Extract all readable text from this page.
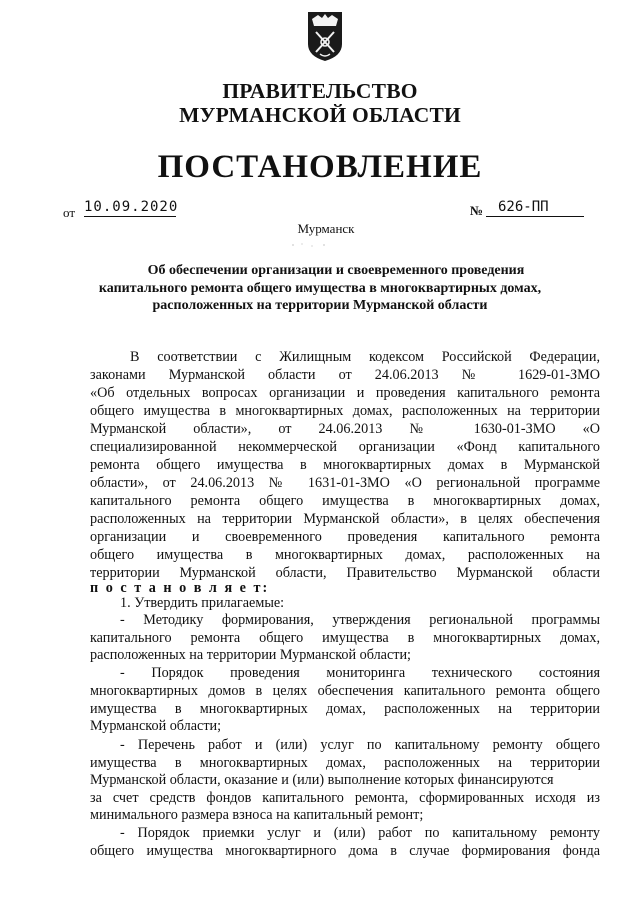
ПРАВИТЕЛЬСТВО
МУРМАНСКОЙ ОБЛАСТИ
ПОСТАНОВЛЕНИЕ
от 10.09.2020	№	626-ПП
Мурманск
Об обеспечении организации и своевременного проведения
капитального ремонта общего имущества в многоквартирных домах,
расположенных на территории Мурманской области
В соответствии с Жилищным кодексом Российской Федерации,
законами Мурманской области от 24.06.2013 № 1629-01-ЗМО
«Об отдельных вопросах организации и проведения капитального ремонта
общего имущества в многоквартирных домах, расположенных на территории
Мурманской области», от 24.06.2013 № 1630-01-ЗМО «О
специализированной некоммерческой организации «Фонд капитального
ремонта общего имущества в многоквартирных домах в Мурманской
области», от 24.06.2013 № 1631-01-ЗМО «О региональной программе
капитального ремонта общего имущества в многоквартирных домах,
расположенных на территории Мурманской области», в целях обеспечения
организации и своевременного проведения капитального ремонта
общего имущества в многоквартирных домах, расположенных на
территории Мурманской области, Правительство Мурманской области
п о с т а н о в л я е т:
1. Утвердить прилагаемые:
- Методику формирования, утверждения региональной программы
капитального ремонта общего имущества в многоквартирных домах,
расположенных на территории Мурманской области;
- Порядок проведения мониторинга технического состояния
многоквартирных домов в целях обеспечения капитального ремонта общего
имущества в многоквартирных домах, расположенных на территории
Мурманской области;
- Перечень работ и (или) услуг по капитальному ремонту общего
имущества в многоквартирных домах, расположенных на территории
Мурманской области, оказание и (или) выполнение которых финансируются
за счет средств фондов капитального ремонта, сформированных исходя из
минимального размера взноса на капитальный ремонт;
- Порядок приемки услуг и (или) работ по капитальному ремонту
общего имущества многоквартирного дома в случае формирования фонда
